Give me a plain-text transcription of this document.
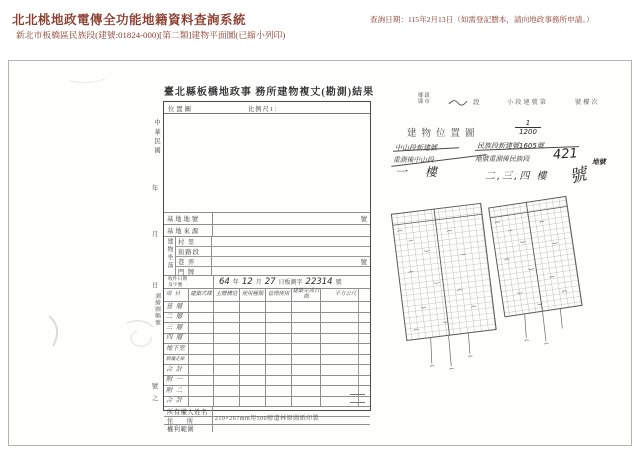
北北桃地政電傳全功能地籍資料查詢系統	查詢日期：115年2月13日（如需登記謄本，請向地政事務所申請。）
新北市板橋區民族段(建號:01824-000)[第二類]建物平面圖(已縮小列印)
臺北縣板橋地政事 務所建物複丈(勘測)結果
中華民國
年
月
日
測繪圖幅號
號
之
位置圖	比例尺1：
基地地號	號
基地來源
建物坐落 村 里
街路段
巷 弄	號
門 牌
收件日期
及字號	64 年 12 月 27 日板測字 22314 號
項 目	建築式樣 主體構造 使用種類 管理使用 建築完成日期	平方公尺
基 層
二 層
三 層
四 層
地下室
騎樓走廊
合 計
附 一
附 二
合 計
所有權人姓名
住 所
權利範圍
210×267mm用500磅道林原圖紙印製
鄉鎮
縣市	段	小段建號第	號樓次
建物位置圖	$\frac{1}{1200}$
中山段新建號	民族段新建號1605號
重測後中山段	地號重測後民族段 421 地號
號
一 樓	二,三,四 樓
